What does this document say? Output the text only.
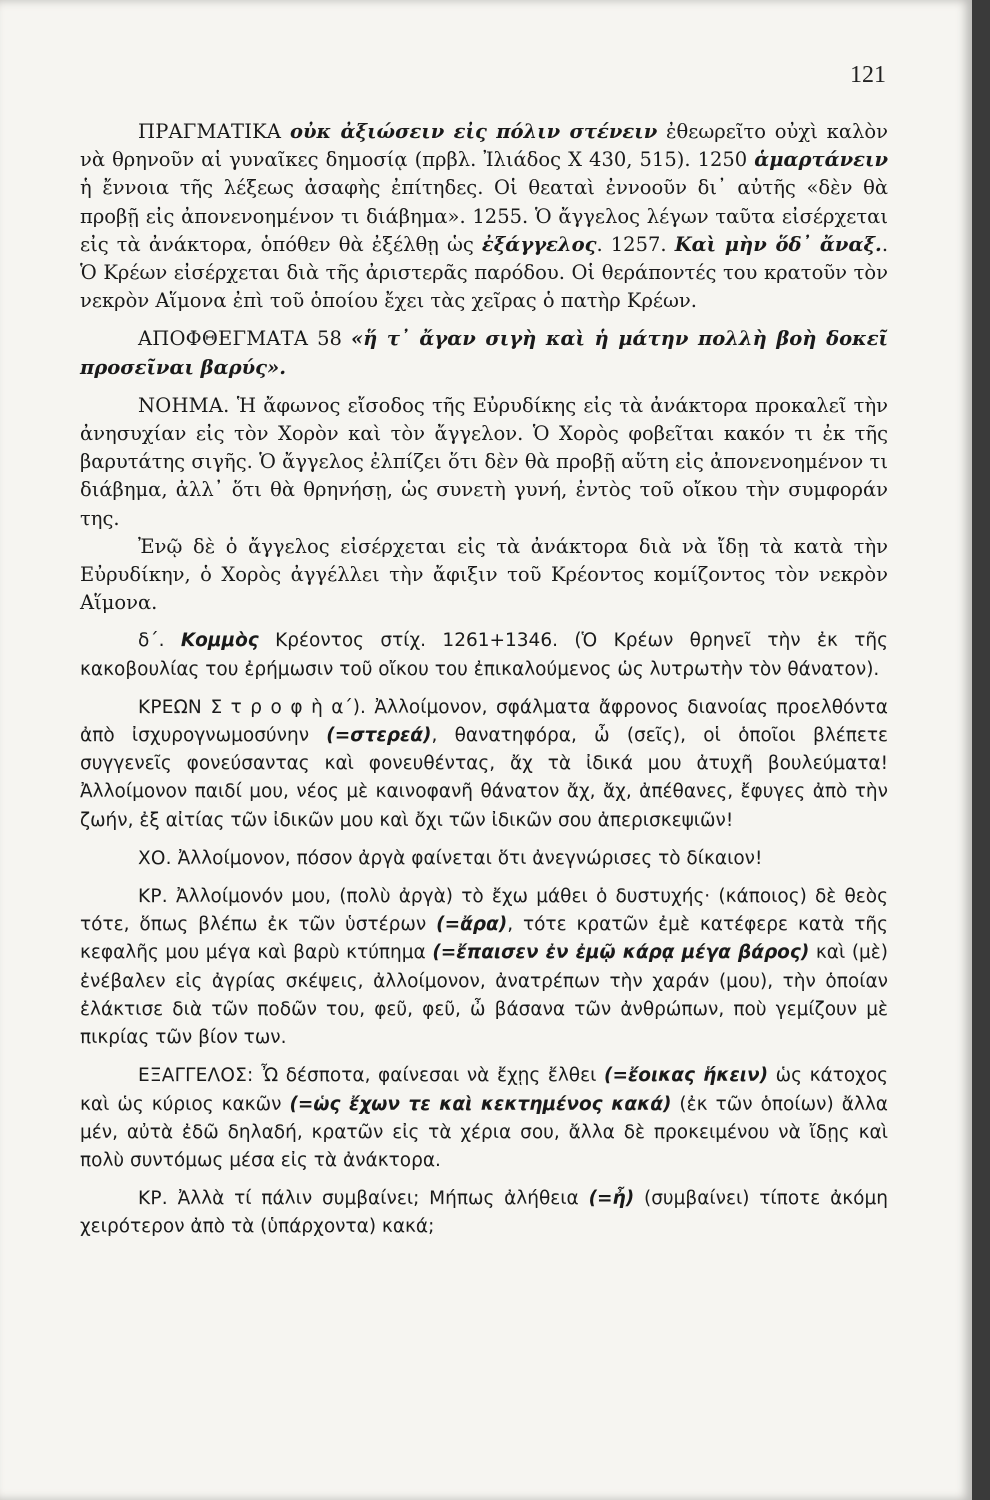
121

ΠΡΑΓΜΑΤΙΚΑ οὐκ ἀξιώσειν εἰς πόλιν στένειν ἐθεωρεῖτο οὐχὶ καλὸν νὰ θρηνοῦν αἱ γυναῖκες δημοσίᾳ (πρβλ. Ἰλιάδος Χ 430, 515). 1250 ἁμαρτάνειν ἡ ἔννοια τῆς λέξεως ἀσαφὴς ἐπίτηδες. Οἱ θεαταὶ ἐννοοῦν δι᾽ αὐτῆς «δὲν θὰ προβῇ εἰς ἀπονενοημένον τι διάβημα». 1255. Ὁ ἄγγελος λέγων ταῦτα εἰσέρχεται εἰς τὰ ἀνάκτορα, ὁπόθεν θὰ ἐξέλθῃ ὡς ἐξάγγελος. 1257. Καὶ μὴν ὅδ᾽ ἄναξ.. Ὁ Κρέων εἰσέρχεται διὰ τῆς ἀριστερᾶς παρόδου. Οἱ θεράποντές του κρατοῦν τὸν νεκρὸν Αἵμονα ἐπὶ τοῦ ὁποίου ἔχει τὰς χεῖρας ὁ πατὴρ Κρέων.

ΑΠΟΦΘΕΓΜΑΤΑ 58 «ἥ τ᾽ ἄγαν σιγὴ καὶ ἡ μάτην πολλὴ βοὴ δοκεῖ προσεῖναι βαρύς».

ΝΟΗΜΑ. Ἡ ἄφωνος εἴσοδος τῆς Εὐρυδίκης εἰς τὰ ἀνάκτορα προκαλεῖ τὴν ἀνησυχίαν εἰς τὸν Χορὸν καὶ τὸν ἄγγελον. Ὁ Χορὸς φοβεῖται κακόν τι ἐκ τῆς βαρυτάτης σιγῆς. Ὁ ἄγγελος ἐλπίζει ὅτι δὲν θὰ προβῇ αὕτη εἰς ἀπονενοημένον τι διάβημα, ἀλλ᾽ ὅτι θὰ θρηνήσῃ, ὡς συνετὴ γυνή, ἐντὸς τοῦ οἴκου τὴν συμφοράν της.

Ἐνῷ δὲ ὁ ἄγγελος εἰσέρχεται εἰς τὰ ἀνάκτορα διὰ νὰ ἴδῃ τὰ κατὰ τὴν Εὐρυδίκην, ὁ Χορὸς ἀγγέλλει τὴν ἄφιξιν τοῦ Κρέοντος κομίζοντος τὸν νεκρὸν Αἵμονα.

δ΄. Κομμὸς Κρέοντος στίχ. 1261+1346. (Ὁ Κρέων θρηνεῖ τὴν ἐκ τῆς κακοβουλίας του ἐρήμωσιν τοῦ οἴκου του ἐπικαλούμενος ὡς λυτρωτὴν τὸν θάνατον).

ΚΡΕΩΝ Σ τ ρ ο φ ὴ α΄). Ἀλλοίμονον, σφάλματα ἄφρονος διανοίας προελθόντα ἀπὸ ἰσχυρογνωμοσύνην (=στερεά), θανατηφόρα, ὦ (σεῖς), οἱ ὁποῖοι βλέπετε συγγενεῖς φονεύσαντας καὶ φονευθέντας, ἄχ τὰ ἰδικά μου ἀτυχῆ βουλεύματα! Ἀλλοίμονον παιδί μου, νέος μὲ καινοφανῆ θάνατον ἄχ, ἄχ, ἀπέθανες, ἔφυγες ἀπὸ τὴν ζωήν, ἐξ αἰτίας τῶν ἰδικῶν μου καὶ ὄχι τῶν ἰδικῶν σου ἀπερισκεψιῶν!

ΧΟ. Ἀλλοίμονον, πόσον ἀργὰ φαίνεται ὅτι ἀνεγνώρισες τὸ δίκαιον!

ΚΡ. Ἀλλοίμονόν μου, (πολὺ ἀργὰ) τὸ ἔχω μάθει ὁ δυστυχής· (κάποιος) δὲ θεὸς τότε, ὅπως βλέπω ἐκ τῶν ὑστέρων (=ἄρα), τότε κρατῶν ἐμὲ κατέφερε κατὰ τῆς κεφαλῆς μου μέγα καὶ βαρὺ κτύπημα (=ἔπαισεν ἐν ἐμῷ κάρᾳ μέγα βάρος) καὶ (μὲ) ἐνέβαλεν εἰς ἀγρίας σκέψεις, ἀλλοίμονον, ἀνατρέπων τὴν χαράν (μου), τὴν ὁποίαν ἐλάκτισε διὰ τῶν ποδῶν του, φεῦ, φεῦ, ὦ βάσανα τῶν ἀνθρώπων, ποὺ γεμίζουν μὲ πικρίας τῶν βίον των.

ΕΞΑΓΓΕΛΟΣ: Ὦ δέσποτα, φαίνεσαι νὰ ἔχῃς ἔλθει (=ἔοικας ἥκειν) ὡς κάτοχος καὶ ὡς κύριος κακῶν (=ὡς ἔχων τε καὶ κεκτημένος κακά) (ἐκ τῶν ὁποίων) ἄλλα μέν, αὐτὰ ἐδῶ δηλαδή, κρατῶν εἰς τὰ χέρια σου, ἄλλα δὲ προκειμένου νὰ ἴδῃς καὶ πολὺ συντόμως μέσα εἰς τὰ ἀνάκτορα.

ΚΡ. Ἀλλὰ τί πάλιν συμβαίνει; Μήπως ἀλήθεια (=ἦ) (συμβαίνει) τίποτε ἀκόμη χειρότερον ἀπὸ τὰ (ὑπάρχοντα) κακά;
